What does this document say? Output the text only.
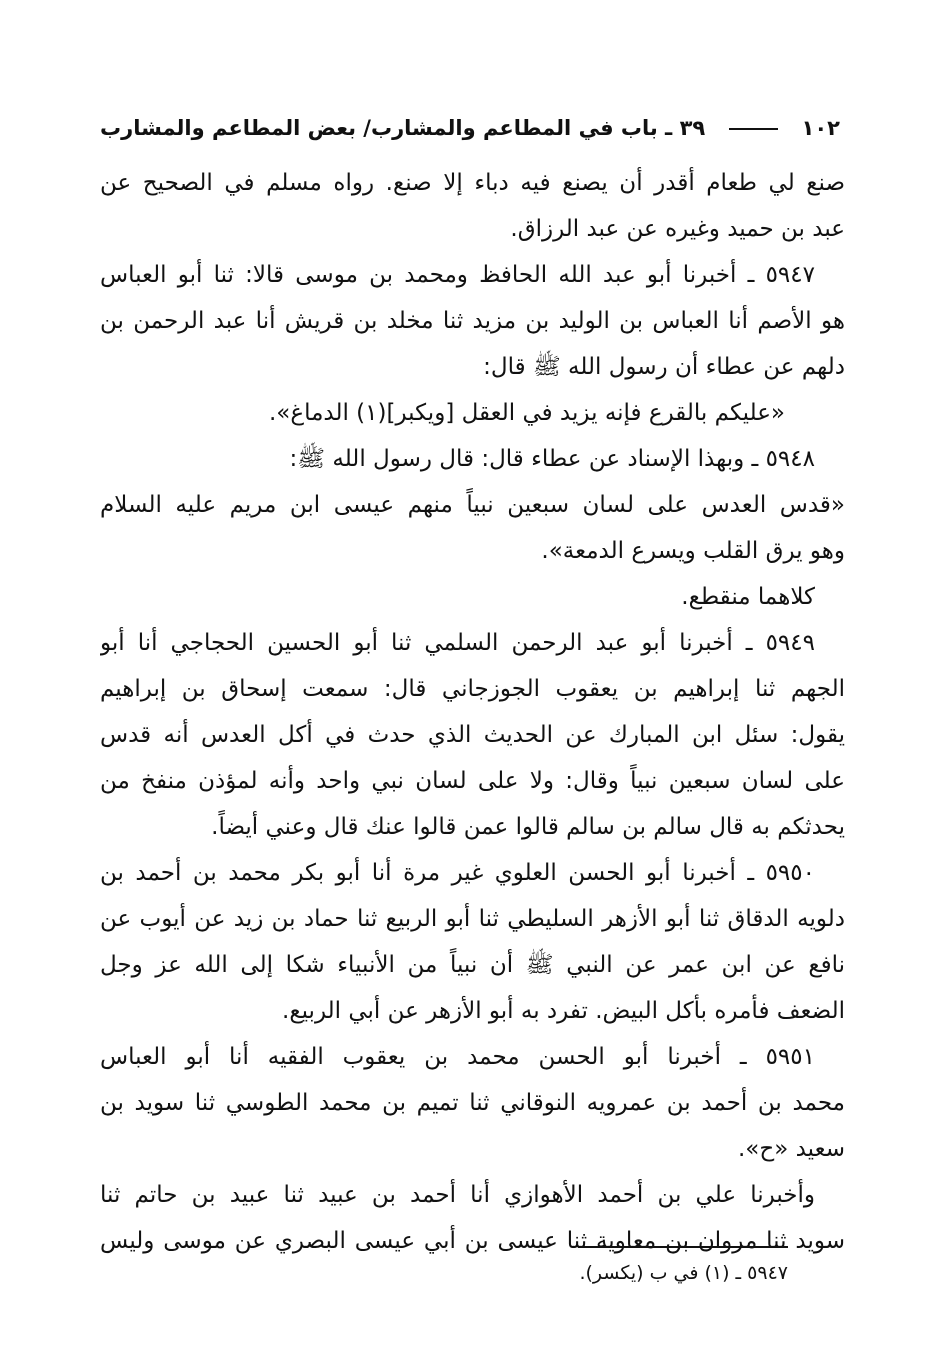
١٠٢
٣٩ ـ باب في المطاعم والمشارب/ بعض المطاعم والمشارب
صنع لي طعام أقدر أن يصنع فيه دباء إلا صنع. رواه مسلم في الصحيح عن
عبد بن حميد وغيره عن عبد الرزاق.
٥٩٤٧ ـ أخبرنا أبو عبد الله الحافظ ومحمد بن موسى قالا: ثنا أبو العباس
هو الأصم أنا العباس بن الوليد بن مزيد ثنا مخلد بن قريش أنا عبد الرحمن بن
دلهم عن عطاء أن رسول الله ﷺ قال:
«عليكم بالقرع فإنه يزيد في العقل [ويكبر](١) الدماغ».
٥٩٤٨ ـ وبهذا الإسناد عن عطاء قال: قال رسول الله ﷺ:
«قدس العدس على لسان سبعين نبياً منهم عيسى ابن مريم عليه السلام
وهو يرق القلب ويسرع الدمعة».
كلاهما منقطع.
٥٩٤٩ ـ أخبرنا أبو عبد الرحمن السلمي ثنا أبو الحسين الحجاجي أنا أبو
الجهم ثنا إبراهيم بن يعقوب الجوزجاني قال: سمعت إسحاق بن إبراهيم
يقول: سئل ابن المبارك عن الحديث الذي حدث في أكل العدس أنه قدس
على لسان سبعين نبياً وقال: ولا على لسان نبي واحد وأنه لمؤذن منفخ من
يحدثكم به قال سالم بن سالم قالوا عمن قالوا عنك قال وعني أيضاً.
٥٩٥٠ ـ أخبرنا أبو الحسن العلوي غير مرة أنا أبو بكر محمد بن أحمد بن
دلويه الدقاق ثنا أبو الأزهر السليطي ثنا أبو الربيع ثنا حماد بن زيد عن أيوب عن
نافع عن ابن عمر عن النبي ﷺ أن نبياً من الأنبياء شكا إلى الله عز وجل
الضعف فأمره بأكل البيض. تفرد به أبو الأزهر عن أبي الربيع.
٥٩٥١ ـ أخبرنا أبو الحسن محمد بن يعقوب الفقيه أنا أبو العباس
محمد بن أحمد بن عمرويه النوقاني ثنا تميم بن محمد الطوسي ثنا سويد بن
سعيد «ح».
وأخبرنا علي بن أحمد الأهوازي أنا أحمد بن عبيد ثنا عبيد بن حاتم ثنا
سويد ثنا مروان بن معاوية ثنا عيسى بن أبي عيسى البصري عن موسى وليس
٥٩٤٧ ـ (١) في ب (يكسر).
